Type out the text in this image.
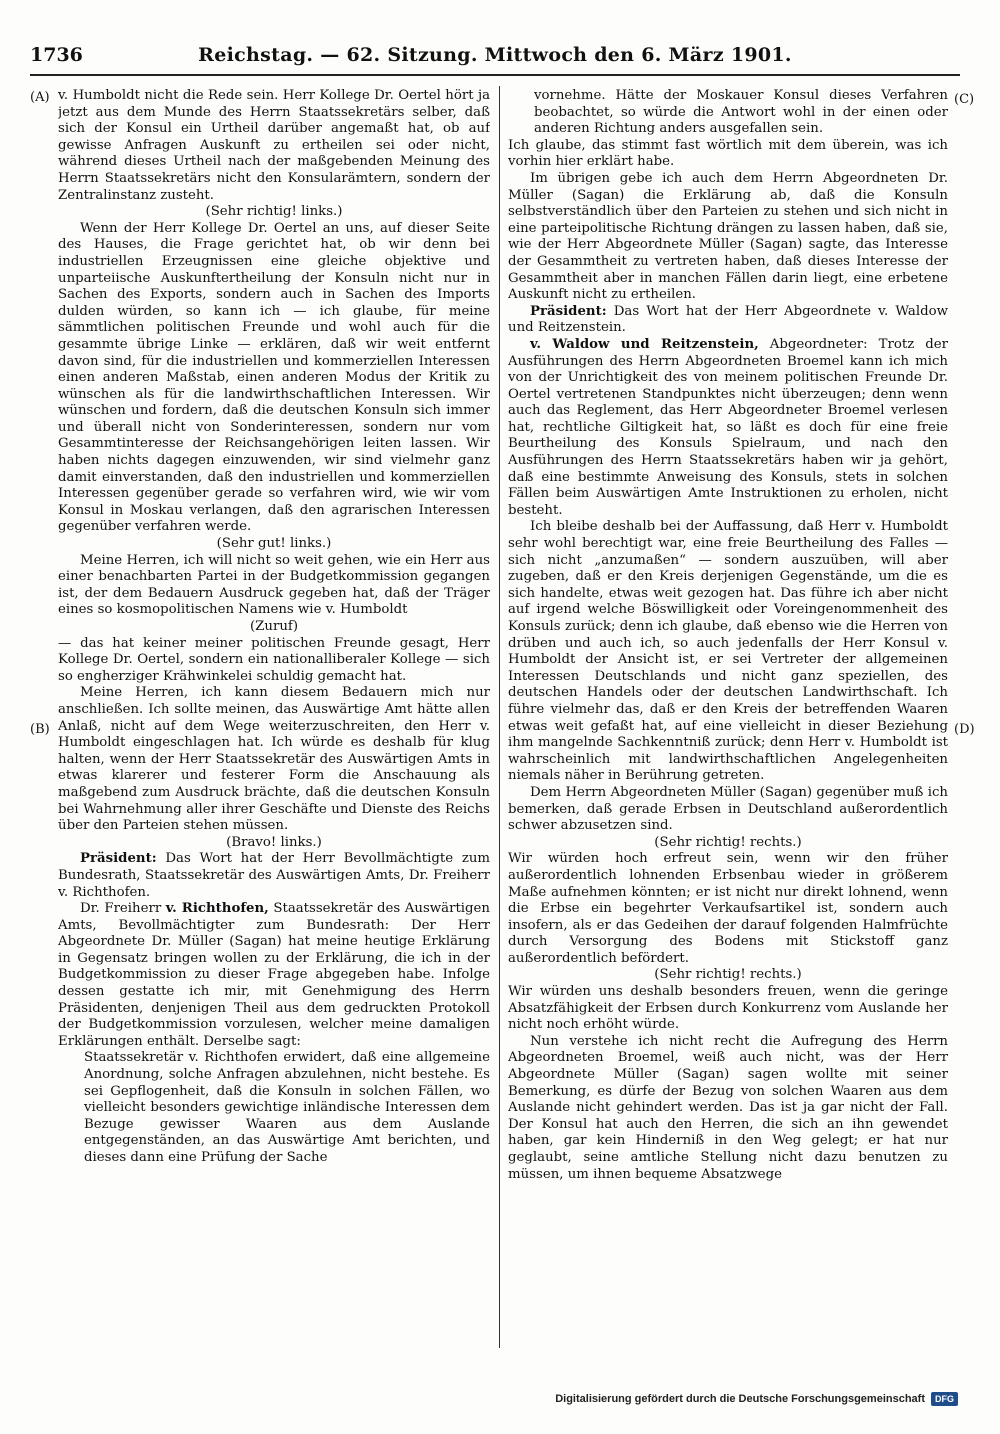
1736	Reichstag. — 62. Sitzung. Mittwoch den 6. März 1901.
(A)
(B)
(C)
(D)

v. Humboldt nicht die Rede sein. Herr Kollege Dr. Oertel hört ja jetzt aus dem Munde des Herrn Staatssekretärs selber, daß sich der Konsul ein Urtheil darüber angemaßt hat, ob auf gewisse Anfragen Auskunft zu ertheilen sei oder nicht, während dieses Urtheil nach der maßgebenden Meinung des Herrn Staatssekretärs nicht den Konsularämtern, sondern der Zentralinstanz zusteht.

(Sehr richtig! links.)

Wenn der Herr Kollege Dr. Oertel an uns, auf dieser Seite des Hauses, die Frage gerichtet hat, ob wir denn bei industriellen Erzeugnissen eine gleiche objektive und unparteiische Auskunftertheilung der Konsuln nicht nur in Sachen des Exports, sondern auch in Sachen des Imports dulden würden, so kann ich — ich glaube, für meine sämmtlichen politischen Freunde und wohl auch für die gesammte übrige Linke — erklären, daß wir weit entfernt davon sind, für die industriellen und kommerziellen Interessen einen anderen Maßstab, einen anderen Modus der Kritik zu wünschen als für die landwirthschaftlichen Interessen. Wir wünschen und fordern, daß die deutschen Konsuln sich immer und überall nicht von Sonderinteressen, sondern nur vom Gesammtinteresse der Reichsangehörigen leiten lassen. Wir haben nichts dagegen einzuwenden, wir sind vielmehr ganz damit einverstanden, daß den industriellen und kommerziellen Interessen gegenüber gerade so verfahren wird, wie wir vom Konsul in Moskau verlangen, daß den agrarischen Interessen gegenüber verfahren werde.

(Sehr gut! links.)

Meine Herren, ich will nicht so weit gehen, wie ein Herr aus einer benachbarten Partei in der Budgetkommission gegangen ist, der dem Bedauern Ausdruck gegeben hat, daß der Träger eines so kosmopolitischen Namens wie v. Humboldt

(Zuruf)

— das hat keiner meiner politischen Freunde gesagt, Herr Kollege Dr. Oertel, sondern ein nationalliberaler Kollege — sich so engherziger Krähwinkelei schuldig gemacht hat.

Meine Herren, ich kann diesem Bedauern mich nur anschließen. Ich sollte meinen, das Auswärtige Amt hätte allen Anlaß, nicht auf dem Wege weiterzuschreiten, den Herr v. Humboldt eingeschlagen hat. Ich würde es deshalb für klug halten, wenn der Herr Staatssekretär des Auswärtigen Amts in etwas klarerer und festerer Form die Anschauung als maßgebend zum Ausdruck brächte, daß die deutschen Konsuln bei Wahrnehmung aller ihrer Geschäfte und Dienste des Reichs über den Parteien stehen müssen.

(Bravo! links.)

Präsident: Das Wort hat der Herr Bevollmächtigte zum Bundesrath, Staatssekretär des Auswärtigen Amts, Dr. Freiherr v. Richthofen.

Dr. Freiherr v. Richthofen, Staatssekretär des Auswärtigen Amts, Bevollmächtigter zum Bundesrath: Der Herr Abgeordnete Dr. Müller (Sagan) hat meine heutige Erklärung in Gegensatz bringen wollen zu der Erklärung, die ich in der Budgetkommission zu dieser Frage abgegeben habe. Infolge dessen gestatte ich mir, mit Genehmigung des Herrn Präsidenten, denjenigen Theil aus dem gedruckten Protokoll der Budgetkommission vorzulesen, welcher meine damaligen Erklärungen enthält. Derselbe sagt:

Staatssekretär v. Richthofen erwidert, daß eine allgemeine Anordnung, solche Anfragen abzulehnen, nicht bestehe. Es sei Gepflogenheit, daß die Konsuln in solchen Fällen, wo vielleicht besonders gewichtige inländische Interessen dem Bezuge gewisser Waaren aus dem Auslande entgegenständen, an das Auswärtige Amt berichten, und dieses dann eine Prüfung der Sache

vornehme. Hätte der Moskauer Konsul dieses Verfahren beobachtet, so würde die Antwort wohl in der einen oder anderen Richtung anders ausgefallen sein.

Ich glaube, das stimmt fast wörtlich mit dem überein, was ich vorhin hier erklärt habe.

Im übrigen gebe ich auch dem Herrn Abgeordneten Dr. Müller (Sagan) die Erklärung ab, daß die Konsuln selbstverständlich über den Parteien zu stehen und sich nicht in eine parteipolitische Richtung drängen zu lassen haben, daß sie, wie der Herr Abgeordnete Müller (Sagan) sagte, das Interesse der Gesammtheit zu vertreten haben, daß dieses Interesse der Gesammtheit aber in manchen Fällen darin liegt, eine erbetene Auskunft nicht zu ertheilen.

Präsident: Das Wort hat der Herr Abgeordnete v. Waldow und Reitzenstein.

v. Waldow und Reitzenstein, Abgeordneter: Trotz der Ausführungen des Herrn Abgeordneten Broemel kann ich mich von der Unrichtigkeit des von meinem politischen Freunde Dr. Oertel vertretenen Standpunktes nicht überzeugen; denn wenn auch das Reglement, das Herr Abgeordneter Broemel verlesen hat, rechtliche Giltigkeit hat, so läßt es doch für eine freie Beurtheilung des Konsuls Spielraum, und nach den Ausführungen des Herrn Staatssekretärs haben wir ja gehört, daß eine bestimmte Anweisung des Konsuls, stets in solchen Fällen beim Auswärtigen Amte Instruktionen zu erholen, nicht besteht.

Ich bleibe deshalb bei der Auffassung, daß Herr v. Humboldt sehr wohl berechtigt war, eine freie Beurtheilung des Falles — sich nicht „anzumaßen“ — sondern auszuüben, will aber zugeben, daß er den Kreis derjenigen Gegenstände, um die es sich handelte, etwas weit gezogen hat. Das führe ich aber nicht auf irgend welche Böswilligkeit oder Voreingenommenheit des Konsuls zurück; denn ich glaube, daß ebenso wie die Herren von drüben und auch ich, so auch jedenfalls der Herr Konsul v. Humboldt der Ansicht ist, er sei Vertreter der allgemeinen Interessen Deutschlands und nicht ganz speziellen, des deutschen Handels oder der deutschen Landwirthschaft. Ich führe vielmehr das, daß er den Kreis der betreffenden Waaren etwas weit gefaßt hat, auf eine vielleicht in dieser Beziehung ihm mangelnde Sachkenntniß zurück; denn Herr v. Humboldt ist wahrscheinlich mit landwirthschaftlichen Angelegenheiten niemals näher in Berührung getreten.

Dem Herrn Abgeordneten Müller (Sagan) gegenüber muß ich bemerken, daß gerade Erbsen in Deutschland außerordentlich schwer abzusetzen sind.

(Sehr richtig! rechts.)

Wir würden hoch erfreut sein, wenn wir den früher außerordentlich lohnenden Erbsenbau wieder in größerem Maße aufnehmen könnten; er ist nicht nur direkt lohnend, wenn die Erbse ein begehrter Verkaufsartikel ist, sondern auch insofern, als er das Gedeihen der darauf folgenden Halmfrüchte durch Versorgung des Bodens mit Stickstoff ganz außerordentlich befördert.

(Sehr richtig! rechts.)

Wir würden uns deshalb besonders freuen, wenn die geringe Absatzfähigkeit der Erbsen durch Konkurrenz vom Auslande her nicht noch erhöht würde.

Nun verstehe ich nicht recht die Aufregung des Herrn Abgeordneten Broemel, weiß auch nicht, was der Herr Abgeordnete Müller (Sagan) sagen wollte mit seiner Bemerkung, es dürfe der Bezug von solchen Waaren aus dem Auslande nicht gehindert werden. Das ist ja gar nicht der Fall. Der Konsul hat auch den Herren, die sich an ihn gewendet haben, gar kein Hinderniß in den Weg gelegt; er hat nur geglaubt, seine amtliche Stellung nicht dazu benutzen zu müssen, um ihnen bequeme Absatzwege

Digitalisierung gefördert durch die Deutsche Forschungsgemeinschaft	DFG
